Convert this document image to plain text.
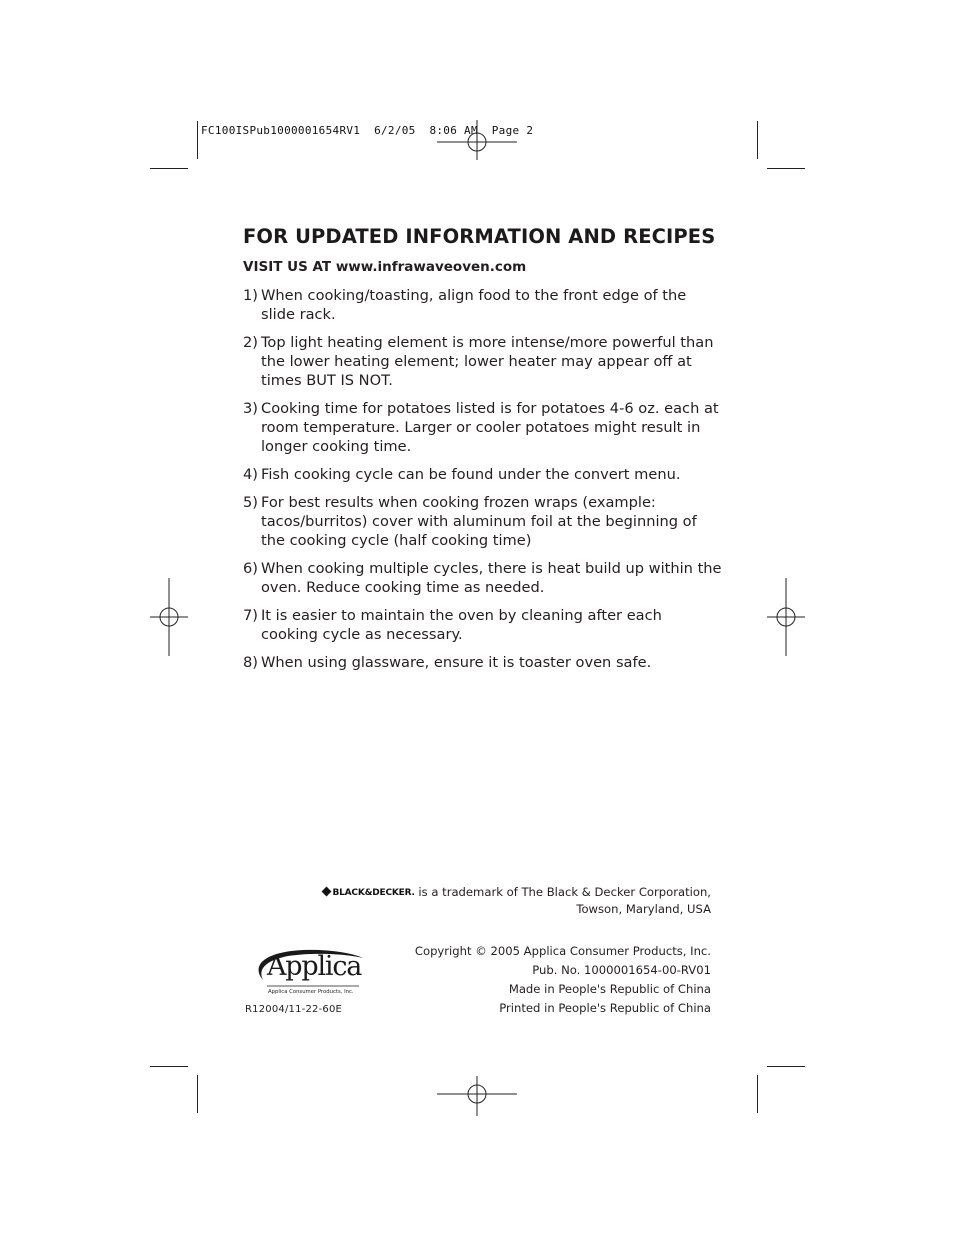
FC100ISPub1000001654RV1  6/2/05  8:06 AM  Page 2
FOR UPDATED INFORMATION AND RECIPES
VISIT US AT www.infrawaveoven.com
1) When cooking/toasting, align food to the front edge of the slide rack.
2) Top light heating element is more intense/more powerful than the lower heating element; lower heater may appear off at times BUT IS NOT.
3) Cooking time for potatoes listed is for potatoes 4-6 oz. each at room temperature. Larger or cooler potatoes might result in longer cooking time.
4) Fish cooking cycle can be found under the convert menu.
5) For best results when cooking frozen wraps (example: tacos/burritos) cover with aluminum foil at the beginning of the cooking cycle (half cooking time)
6) When cooking multiple cycles, there is heat build up within the oven. Reduce cooking time as needed.
7) It is easier to maintain the oven by cleaning after each cooking cycle as necessary.
8) When using glassware, ensure it is toaster oven safe.
BLACK&DECKER. is a trademark of The Black & Decker Corporation,
Towson, Maryland, USA
Applica
Applica Consumer Products, Inc.
Copyright © 2005 Applica Consumer Products, Inc.
Pub. No. 1000001654-00-RV01
Made in People's Republic of China
Printed in People's Republic of China
R12004/11-22-60E
